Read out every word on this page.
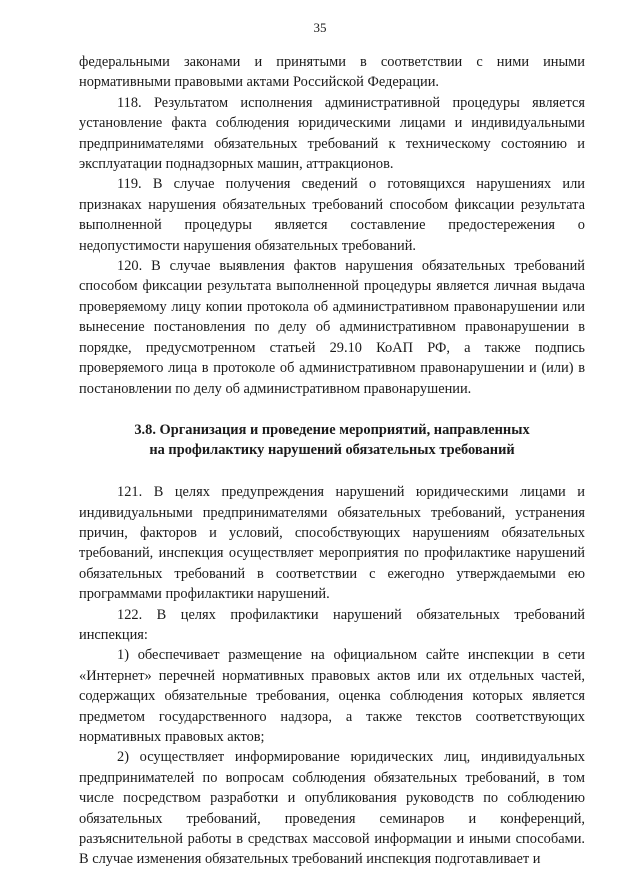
35

федеральными законами и принятыми в соответствии с ними иными нормативными правовыми актами Российской Федерации.

118. Результатом исполнения административной процедуры является установление факта соблюдения юридическими лицами и индивидуальными предпринимателями обязательных требований к техническому состоянию и эксплуатации поднадзорных машин, аттракционов.

119. В случае получения сведений о готовящихся нарушениях или признаках нарушения обязательных требований способом фиксации результата выполненной процедуры является составление предостережения о недопустимости нарушения обязательных требований.

120. В случае выявления фактов нарушения обязательных требований способом фиксации результата выполненной процедуры является личная выдача проверяемому лицу копии протокола об административном правонарушении или вынесение постановления по делу об административном правонарушении в порядке, предусмотренном статьей 29.10 КоАП РФ, а также подпись проверяемого лица в протоколе об административном правонарушении и (или) в постановлении по делу об административном правонарушении.

3.8. Организация и проведение мероприятий, направленных
на профилактику нарушений обязательных требований

121. В целях предупреждения нарушений юридическими лицами и индивидуальными предпринимателями обязательных требований, устранения причин, факторов и условий, способствующих нарушениям обязательных требований, инспекция осуществляет мероприятия по профилактике нарушений обязательных требований в соответствии с ежегодно утверждаемыми ею программами профилактики нарушений.

122. В целях профилактики нарушений обязательных требований инспекция:

1) обеспечивает размещение на официальном сайте инспекции в сети «Интернет» перечней нормативных правовых актов или их отдельных частей, содержащих обязательные требования, оценка соблюдения которых является предметом государственного надзора, а также текстов соответствующих нормативных правовых актов;

2) осуществляет информирование юридических лиц, индивидуальных предпринимателей по вопросам соблюдения обязательных требований, в том числе посредством разработки и опубликования руководств по соблюдению обязательных требований, проведения семинаров и конференций, разъяснительной работы в средствах массовой информации и иными способами. В случае изменения обязательных требований инспекция подготавливает и
